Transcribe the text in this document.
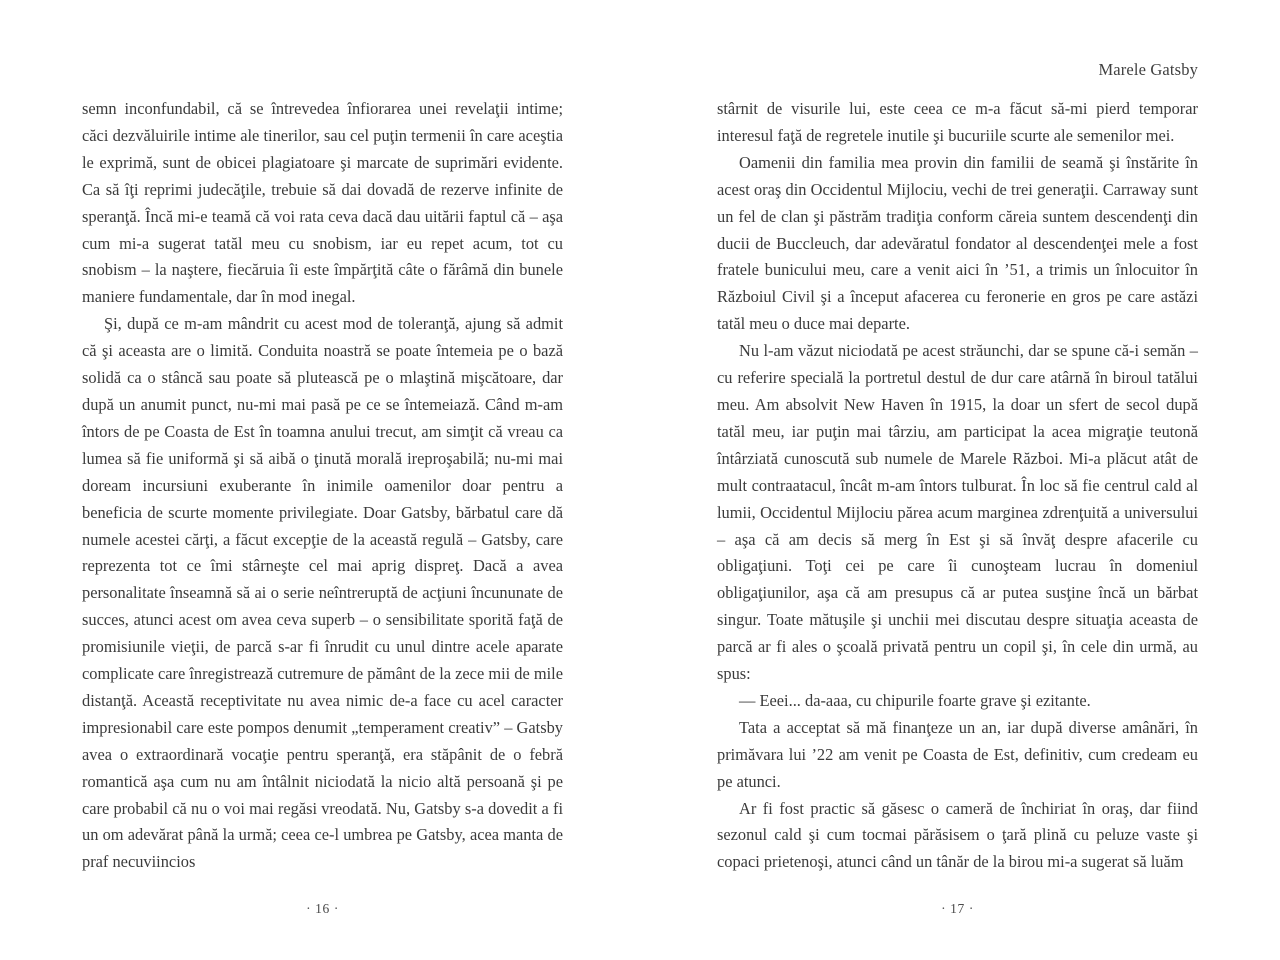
Marele Gatsby

semn inconfundabil, că se întrevedea înfiorarea unei revelaţii intime; căci dezvăluirile intime ale tinerilor, sau cel puţin termenii în care aceştia le exprimă, sunt de obicei plagiatoare şi marcate de suprimări evidente. Ca să îţi reprimi judecăţile, trebuie să dai dovadă de rezerve infinite de speranţă. Încă mi-e teamă că voi rata ceva dacă dau uitării faptul că – aşa cum mi-a sugerat tatăl meu cu snobism, iar eu repet acum, tot cu snobism – la naştere, fiecăruia îi este împărţită câte o fărâmă din bunele maniere fundamentale, dar în mod inegal.

Şi, după ce m-am mândrit cu acest mod de toleranţă, ajung să admit că şi aceasta are o limită. Conduita noastră se poate întemeia pe o bază solidă ca o stâncă sau poate să plutească pe o mlaştină mişcătoare, dar după un anumit punct, nu-mi mai pasă pe ce se întemeiază. Când m-am întors de pe Coasta de Est în toamna anului trecut, am simţit că vreau ca lumea să fie uniformă şi să aibă o ţinută morală ireproşabilă; nu-mi mai doream incursiuni exuberante în inimile oamenilor doar pentru a beneficia de scurte momente privilegiate. Doar Gatsby, bărbatul care dă numele acestei cărţi, a făcut excepţie de la această regulă – Gatsby, care reprezenta tot ce îmi stârneşte cel mai aprig dispreţ. Dacă a avea personalitate înseamnă să ai o serie neîntreruptă de acţiuni încununate de succes, atunci acest om avea ceva superb – o sensibilitate sporită faţă de promisiunile vieţii, de parcă s-ar fi înrudit cu unul dintre acele aparate complicate care înregistrează cutremure de pământ de la zece mii de mile distanţă. Această receptivitate nu avea nimic de-a face cu acel caracter impresionabil care este pompos denumit „temperament creativ” – Gatsby avea o extraordinară vocaţie pentru speranţă, era stăpânit de o febră romantică aşa cum nu am întâlnit niciodată la nicio altă persoană şi pe care probabil că nu o voi mai regăsi vreodată. Nu, Gatsby s-a dovedit a fi un om adevărat până la urmă; ceea ce-l umbrea pe Gatsby, acea manta de praf necuviincios

· 16 ·

stârnit de visurile lui, este ceea ce m-a făcut să-mi pierd temporar interesul faţă de regretele inutile şi bucuriile scurte ale semenilor mei.

Oamenii din familia mea provin din familii de seamă şi înstărite în acest oraş din Occidentul Mijlociu, vechi de trei generaţii. Carraway sunt un fel de clan şi păstrăm tradiţia conform căreia suntem descendenţi din ducii de Buccleuch, dar adevăratul fondator al descendenţei mele a fost fratele bunicului meu, care a venit aici în ’51, a trimis un înlocuitor în Războiul Civil şi a început afacerea cu feronerie en gros pe care astăzi tatăl meu o duce mai departe.

Nu l-am văzut niciodată pe acest străunchi, dar se spune că-i semăn – cu referire specială la portretul destul de dur care atârnă în biroul tatălui meu. Am absolvit New Haven în 1915, la doar un sfert de secol după tatăl meu, iar puţin mai târziu, am participat la acea migraţie teutonă întârziată cunoscută sub numele de Marele Război. Mi-a plăcut atât de mult contraatacul, încât m-am întors tulburat. În loc să fie centrul cald al lumii, Occidentul Mijlociu părea acum marginea zdrenţuită a universului – aşa că am decis să merg în Est şi să învăţ despre afacerile cu obligaţiuni. Toţi cei pe care îi cunoşteam lucrau în domeniul obligaţiunilor, aşa că am presupus că ar putea susţine încă un bărbat singur. Toate mătuşile şi unchii mei discutau despre situaţia aceasta de parcă ar fi ales o şcoală privată pentru un copil şi, în cele din urmă, au spus:

— Eeei... da-aaa, cu chipurile foarte grave şi ezitante.

Tata a acceptat să mă finanţeze un an, iar după diverse amânări, în primăvara lui ’22 am venit pe Coasta de Est, definitiv, cum credeam eu pe atunci.

Ar fi fost practic să găsesc o cameră de închiriat în oraş, dar fiind sezonul cald şi cum tocmai părăsisem o ţară plină cu peluze vaste şi copaci prietenoşi, atunci când un tânăr de la birou mi-a sugerat să luăm

· 17 ·
